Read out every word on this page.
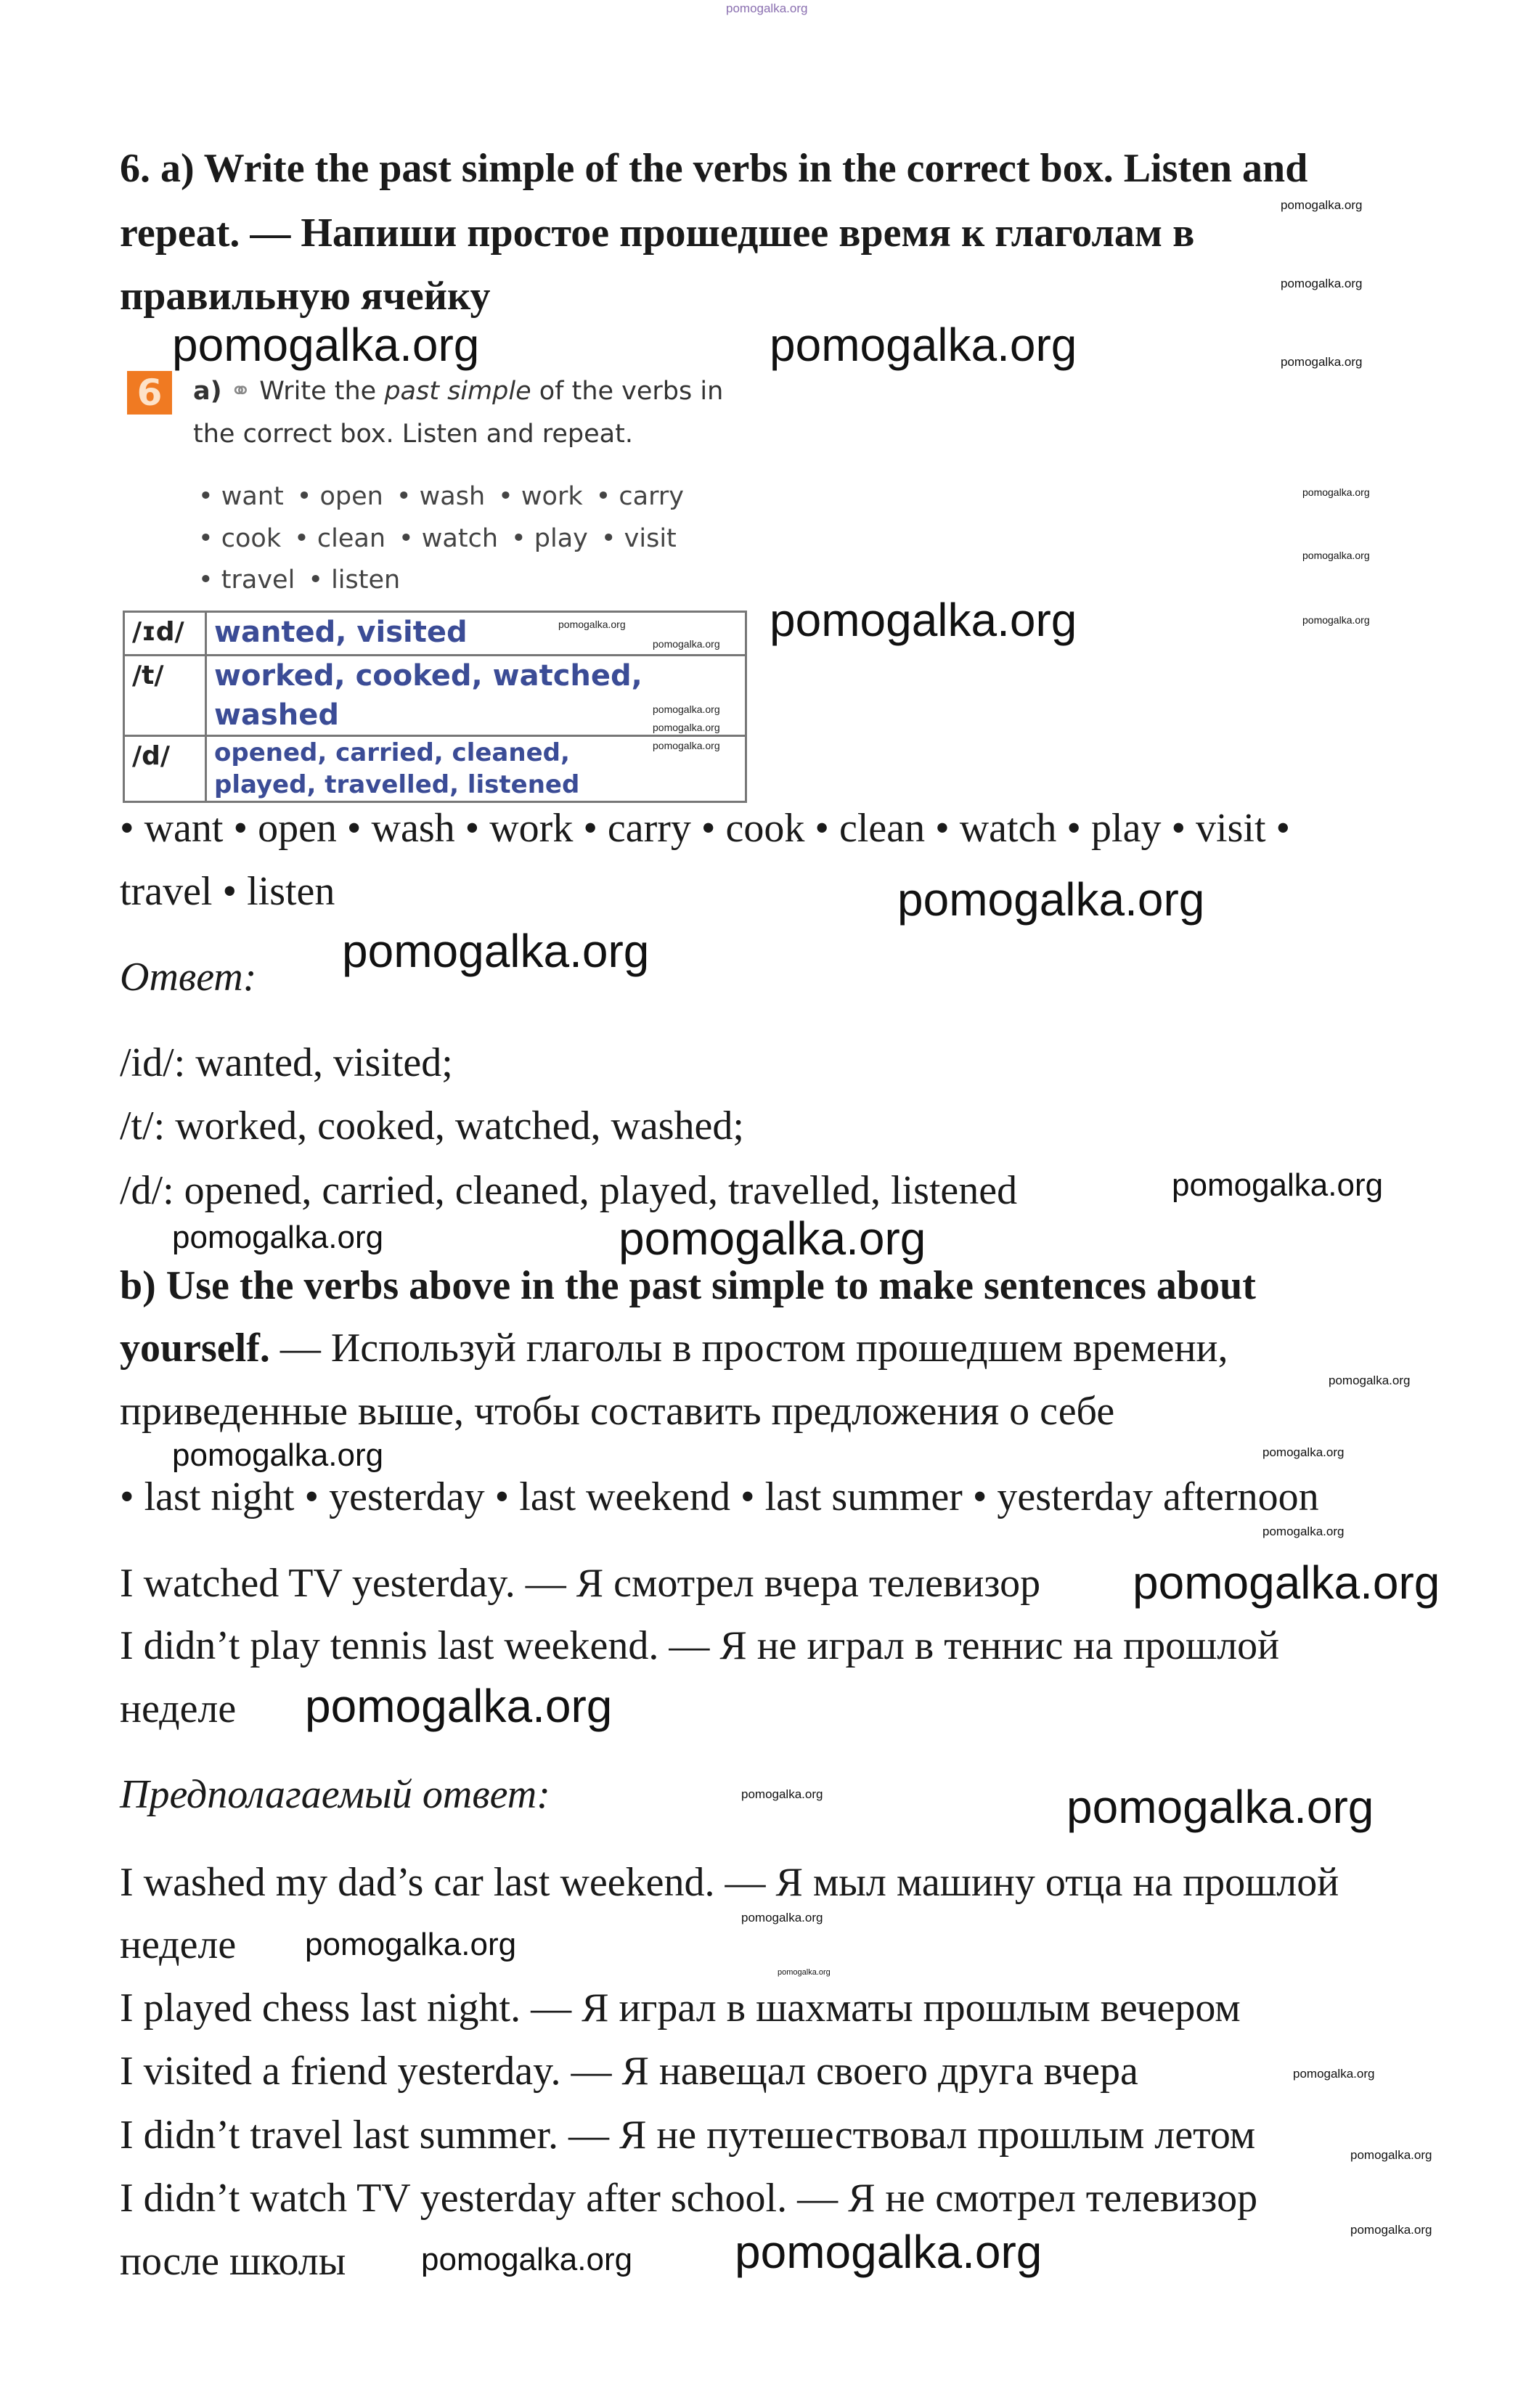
pomogalka.org
6. a) Write the past simple of the verbs in the correct box. Listen and
repeat. — Напиши простое прошедшее время к глаголам в
правильную ячейку
6	a) ⚭ Write the past simple of the verbs in
the correct box. Listen and repeat.
• want • open • wash • work • carry
• cook • clean • watch • play • visit
• travel • listen
/ɪd/	wanted, visited
/t/	worked, cooked, watched, washed
/d/	opened, carried, cleaned, played, travelled, listened
pomogalka.org
pomogalka.org
pomogalka.org
pomogalka.org
pomogalka.org
• want • open • wash • work • carry • cook • clean • watch • play • visit •
travel • listen
Ответ:
/id/: wanted, visited;
/t/: worked, cooked, watched, washed;
/d/: opened, carried, cleaned, played, travelled, listened
b) Use the verbs above in the past simple to make sentences about
yourself. — Используй глаголы в простом прошедшем времени,
приведенные выше, чтобы составить предложения о себе
• last night • yesterday • last weekend • last summer • yesterday afternoon
I watched TV yesterday. — Я смотрел вчера телевизор
I didn’t play tennis last weekend. — Я не играл в теннис на прошлой
неделе
Предполагаемый ответ:
I washed my dad’s car last weekend. — Я мыл машину отца на прошлой
неделе
I played chess last night. — Я играл в шахматы прошлым вечером
I visited a friend yesterday. — Я навещал своего друга вчера
I didn’t travel last summer. — Я не путешествовал прошлым летом
I didn’t watch TV yesterday after school. — Я не смотрел телевизор
после школы
pomogalka.org	pomogalka.org
pomogalka.org
pomogalka.org
pomogalka.org
pomogalka.org
pomogalka.org
pomogalka.org
pomogalka.org
pomogalka.org
pomogalka.org
pomogalka.org
pomogalka.org
pomogalka.org
pomogalka.org
pomogalka.org
pomogalka.org
pomogalka.org
pomogalka.org
pomogalka.org
pomogalka.org
pomogalka.org
pomogalka.org
pomogalka.org
pomogalka.org
pomogalka.org
pomogalka.org
pomogalka.org
pomogalka.org
pomogalka.org
